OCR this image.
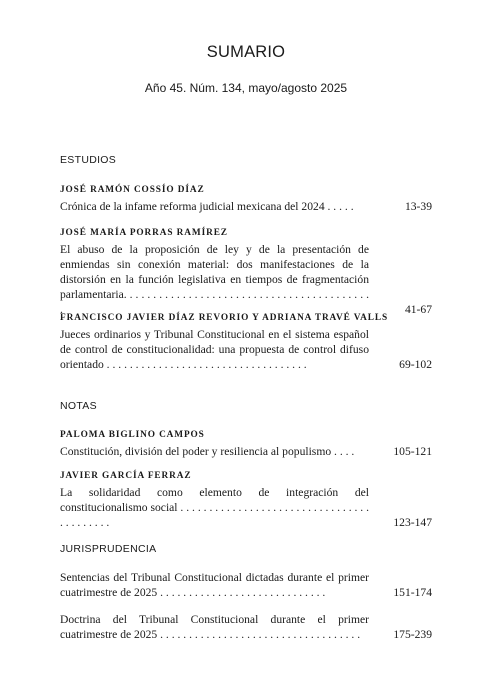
SUMARIO
Año 45. Núm. 134, mayo/agosto 2025
ESTUDIOS
JOSÉ RAMÓN COSSÍO DÍAZ
Crónica de la infame reforma judicial mexicana del 2024 . . . . .	13-39
JOSÉ MARÍA PORRAS RAMÍREZ
El abuso de la proposición de ley y de la presentación de enmiendas sin conexión material: dos manifestaciones de la distorsión en la función legislativa en tiempos de fragmentación parlamentaria. . . . . . . . . . . . . . . . . . . . . . . . . . . . . . . . . . . . . . . . . . .	41-67
FRANCISCO JAVIER DÍAZ REVORIO Y ADRIANA TRAVÉ VALLS
Jueces ordinarios y Tribunal Constitucional en el sistema español de control de constitucionalidad: una propuesta de control difuso orientado . . . . . . . . . . . . . . . . . . . . . . . . . . . . . . . . . . .	69-102
NOTAS
PALOMA BIGLINO CAMPOS
Constitución, división del poder y resiliencia al populismo . . . .	105-121
JAVIER GARCÍA FERRAZ
La solidaridad como elemento de integración del constitucionalismo social . . . . . . . . . . . . . . . . . . . . . . . . . . . . . . . . . . . . . . . . . .	123-147
JURISPRUDENCIA
Sentencias del Tribunal Constitucional dictadas durante el primer cuatrimestre de 2025 . . . . . . . . . . . . . . . . . . . . . . . . . . . . .	151-174
Doctrina del Tribunal Constitucional durante el primer cuatrimestre de 2025 . . . . . . . . . . . . . . . . . . . . . . . . . . . . . . . . . . .	175-239
